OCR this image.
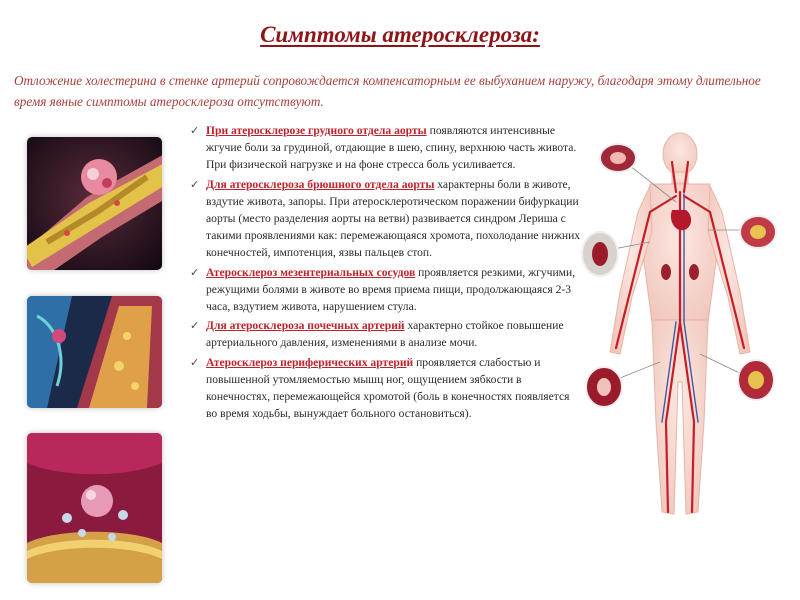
Симптомы атеросклероза:

Отложение холестерина в стенке артерий сопровождается компенсаторным ее выбуханием наружу, благодаря этому длительное время явные симптомы атеросклероза отсутствуют.

✓ При атеросклерозе грудного отдела аорты появляются интенсивные жгучие боли за грудиной, отдающие в шею, спину, верхнюю часть живота. При физической нагрузке и на фоне стресса боль усиливается.
✓ Для атеросклероза брюшного отдела аорты характерны боли в животе, вздутие живота, запоры. При атеросклеротическом поражении бифуркации аорты (место разделения аорты на ветви) развивается синдром Лериша с такими проявлениями как: перемежающаяся хромота, похолодание нижних конечностей, импотенция, язвы пальцев стоп.
✓ Атеросклероз мезентериальных сосудов проявляется резкими, жгучими, режущими болями в животе во время приема пищи, продолжающаяся 2-3 часа, вздутием живота, нарушением стула.
✓ Для атеросклероза почечных артерий характерно стойкое повышение артериального давления, изменениями в анализе мочи.
✓ Атеросклероз периферических артерий проявляется слабостью и повышенной утомляемостью мышц ног, ощущением зябкости в конечностях, перемежающейся хромотой (боль в конечностях появляется во время ходьбы, вынуждает больного остановиться).
